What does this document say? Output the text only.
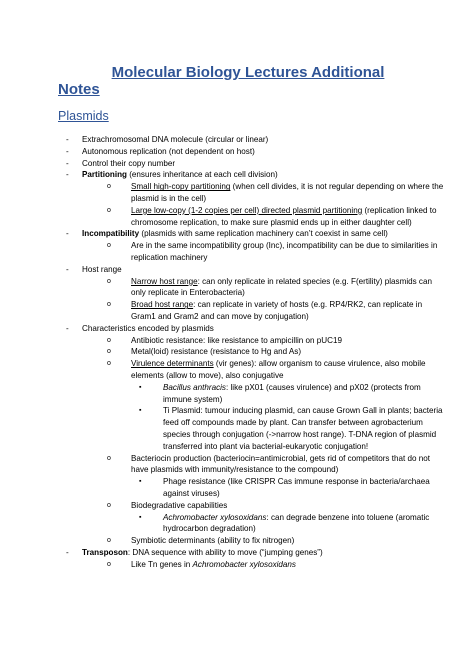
Molecular Biology Lectures Additional
Notes
Plasmids
-	Extrachromosomal DNA molecule (circular or linear)
-	Autonomous replication (not dependent on host)
-	Control their copy number
-	Partitioning (ensures inheritance at each cell division)
o	Small high-copy partitioning (when cell divides, it is not regular depending on where the plasmid is in the cell)
o	Large low-copy (1-2 copies per cell) directed plasmid partitioning (replication linked to chromosome replication, to make sure plasmid ends up in either daughter cell)
-	Incompatibility (plasmids with same replication machinery can’t coexist in same cell)
o	Are in the same incompatibility group (Inc), incompatibility can be due to similarities in replication machinery
-	Host range
o	Narrow host range: can only replicate in related species (e.g. F(ertility) plasmids can only replicate in Enterobacteria)
o	Broad host range: can replicate in variety of hosts (e.g. RP4/RK2, can replicate in Gram1 and Gram2 and can move by conjugation)
-	Characteristics encoded by plasmids
o	Antibiotic resistance: like resistance to ampicillin on pUC19
o	Metal(loid) resistance (resistance to Hg and As)
o	Virulence determinants (vir genes): allow organism to cause virulence, also mobile elements (allow to move), also conjugative
▪	Bacillus anthracis: like pX01 (causes virulence) and pX02 (protects from immune system)
▪	Ti Plasmid: tumour inducing plasmid, can cause Grown Gall in plants; bacteria feed off compounds made by plant. Can transfer between agrobacterium species through conjugation (->narrow host range). T-DNA region of plasmid transferred into plant via bacterial-eukaryotic conjugation!
o	Bacteriocin production (bacteriocin=antimicrobial, gets rid of competitors that do not have plasmids with immunity/resistance to the compound)
▪	Phage resistance (like CRISPR Cas immune response in bacteria/archaea against viruses)
o	Biodegradative capabilities
▪	Achromobacter xylosoxidans: can degrade benzene into toluene (aromatic hydrocarbon degradation)
o	Symbiotic determinants (ability to fix nitrogen)
-	Transposon: DNA sequence with ability to move (“jumping genes”)
o	Like Tn genes in Achromobacter xylosoxidans
